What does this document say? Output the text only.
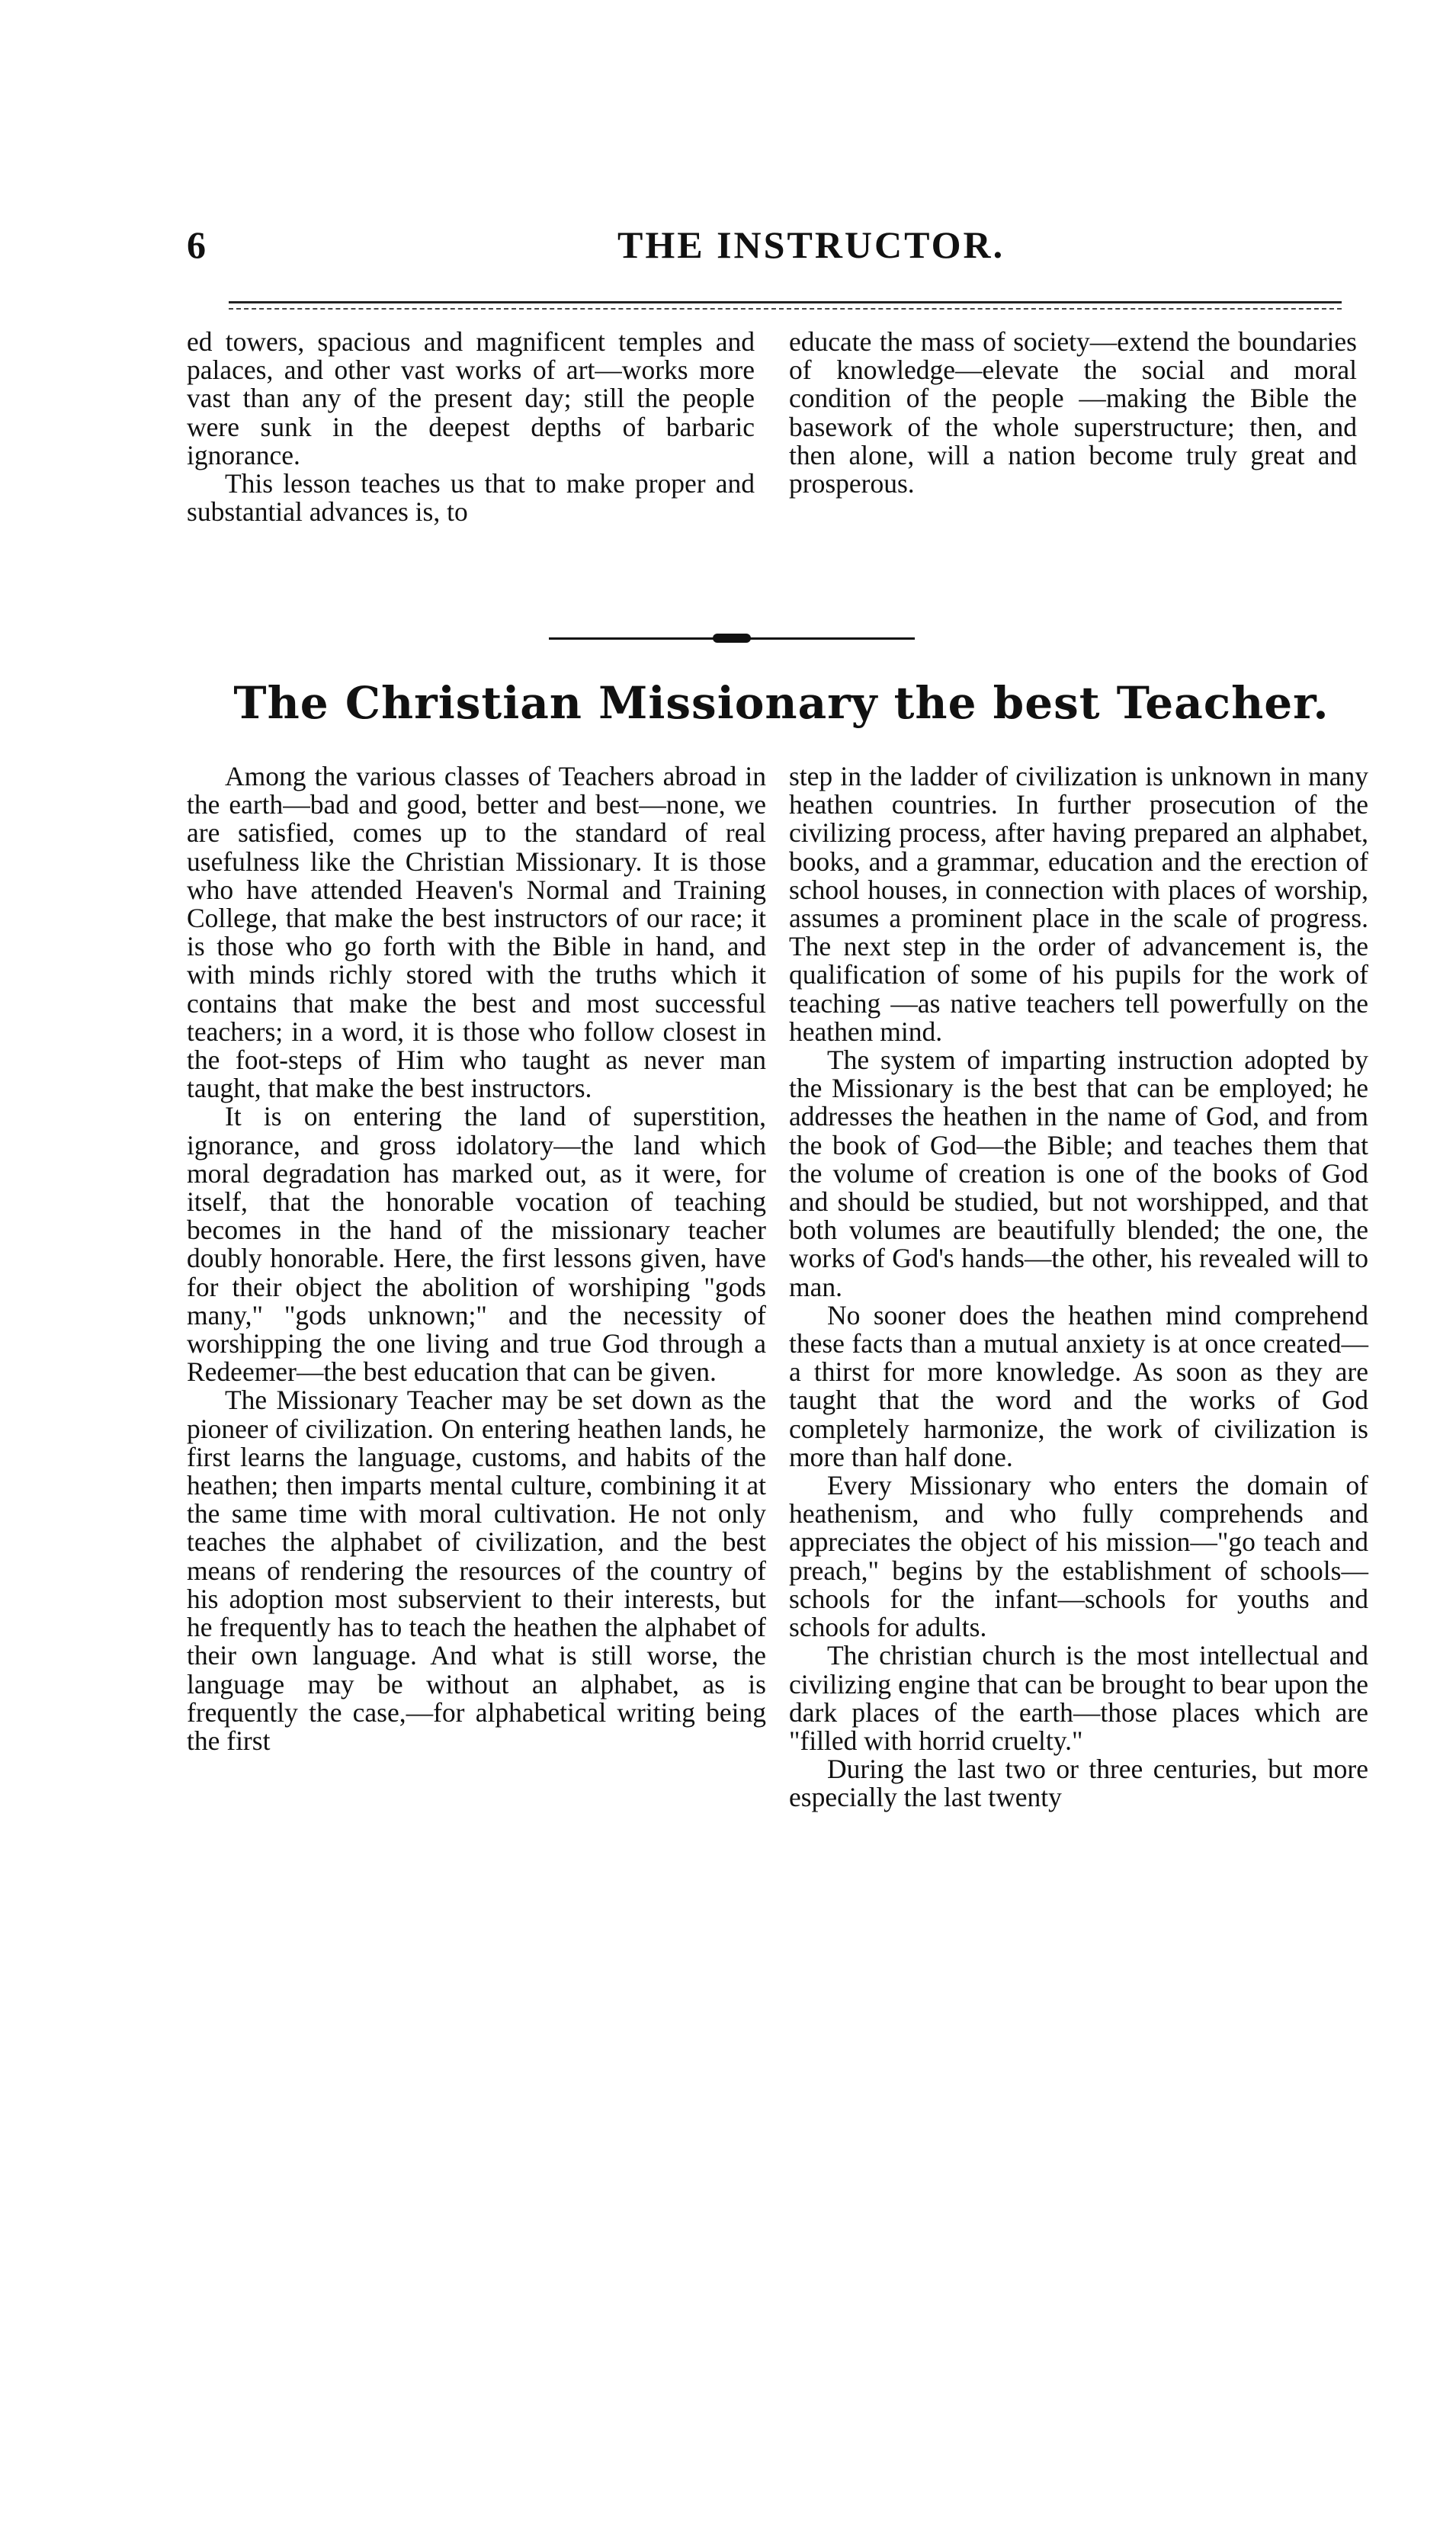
6	THE INSTRUCTOR.

ed towers, spacious and magnificent temples and palaces, and other vast works of art—works more vast than any of the present day; still the people were sunk in the deepest depths of barbaric ignorance.

This lesson teaches us that to make proper and substantial advances is, to

educate the mass of society—extend the boundaries of knowledge—elevate the social and moral condition of the people —making the Bible the basework of the whole superstructure; then, and then alone, will a nation become truly great and prosperous.

The Christian Missionary the best Teacher.

Among the various classes of Teachers abroad in the earth—bad and good, better and best—none, we are satisfied, comes up to the standard of real usefulness like the Christian Missionary. It is those who have attended Heaven's Normal and Training College, that make the best instructors of our race; it is those who go forth with the Bible in hand, and with minds richly stored with the truths which it contains that make the best and most successful teachers; in a word, it is those who follow closest in the foot-steps of Him who taught as never man taught, that make the best instructors.

It is on entering the land of superstition, ignorance, and gross idolatory—the land which moral degradation has marked out, as it were, for itself, that the honorable vocation of teaching becomes in the hand of the missionary teacher doubly honorable. Here, the first lessons given, have for their object the abolition of worshiping "gods many," "gods unknown;" and the necessity of worshipping the one living and true God through a Redeemer—the best education that can be given.

The Missionary Teacher may be set down as the pioneer of civilization. On entering heathen lands, he first learns the language, customs, and habits of the heathen; then imparts mental culture, combining it at the same time with moral cultivation. He not only teaches the alphabet of civilization, and the best means of rendering the resources of the country of his adoption most subservient to their interests, but he frequently has to teach the heathen the alphabet of their own language. And what is still worse, the language may be without an alphabet, as is frequently the case,—for alphabetical writing being the first

step in the ladder of civilization is unknown in many heathen countries. In further prosecution of the civilizing process, after having prepared an alphabet, books, and a grammar, education and the erection of school houses, in connection with places of worship, assumes a prominent place in the scale of progress. The next step in the order of advancement is, the qualification of some of his pupils for the work of teaching —as native teachers tell powerfully on the heathen mind.

The system of imparting instruction adopted by the Missionary is the best that can be employed; he addresses the heathen in the name of God, and from the book of God—the Bible; and teaches them that the volume of creation is one of the books of God and should be studied, but not worshipped, and that both volumes are beautifully blended; the one, the works of God's hands—the other, his revealed will to man.

No sooner does the heathen mind comprehend these facts than a mutual anxiety is at once created—a thirst for more knowledge. As soon as they are taught that the word and the works of God completely harmonize, the work of civilization is more than half done.

Every Missionary who enters the domain of heathenism, and who fully comprehends and appreciates the object of his mission—"go teach and preach," begins by the establishment of schools—schools for the infant—schools for youths and schools for adults.

The christian church is the most intellectual and civilizing engine that can be brought to bear upon the dark places of the earth—those places which are "filled with horrid cruelty."

During the last two or three centuries, but more especially the last twenty
